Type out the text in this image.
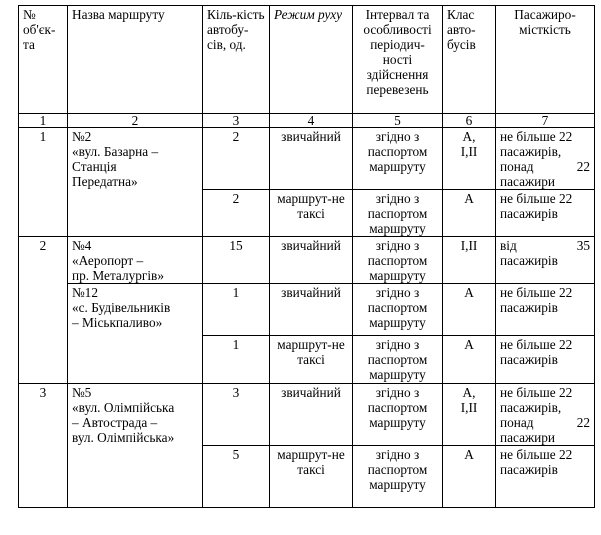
№ об'єк-та	Назва маршруту	Кіль-кість автобу-сів, од.	Режим руху	Інтервал та особливості періодич-ності здійснення перевезень	Клас авто-бусів	Пасажиро-місткість
1	2	3	4	5	6	7
1	№2
«вул. Базарна –
Станція
Передатна»	2	звичайний	згідно з паспортом маршруту	А,
І,ІІ	не більше 22
пасажирів,
понад 22
пасажири

		2	маршрут-не таксі	згідно з паспортом маршруту	А	не більше 22
пасажирів

2	№4
«Аеропорт –
пр. Металургів»	15	звичайний	згідно з паспортом маршруту	І,ІІ	від 35
пасажирів

	№12
«с. Будівельників
– Міськпаливо»	1	звичайний	згідно з паспортом маршруту	А	не більше 22
пасажирів

		1	маршрут-не таксі	згідно з паспортом маршруту	А	не більше 22
пасажирів

3	№5
«вул. Олімпійська
– Автострада –
вул. Олімпійська»	3	звичайний	згідно з паспортом маршруту	А,
І,ІІ	не більше 22
пасажирів,
понад 22
пасажири

		5	маршрут-не таксі	згідно з паспортом маршруту	А	не більше 22
пасажирів
